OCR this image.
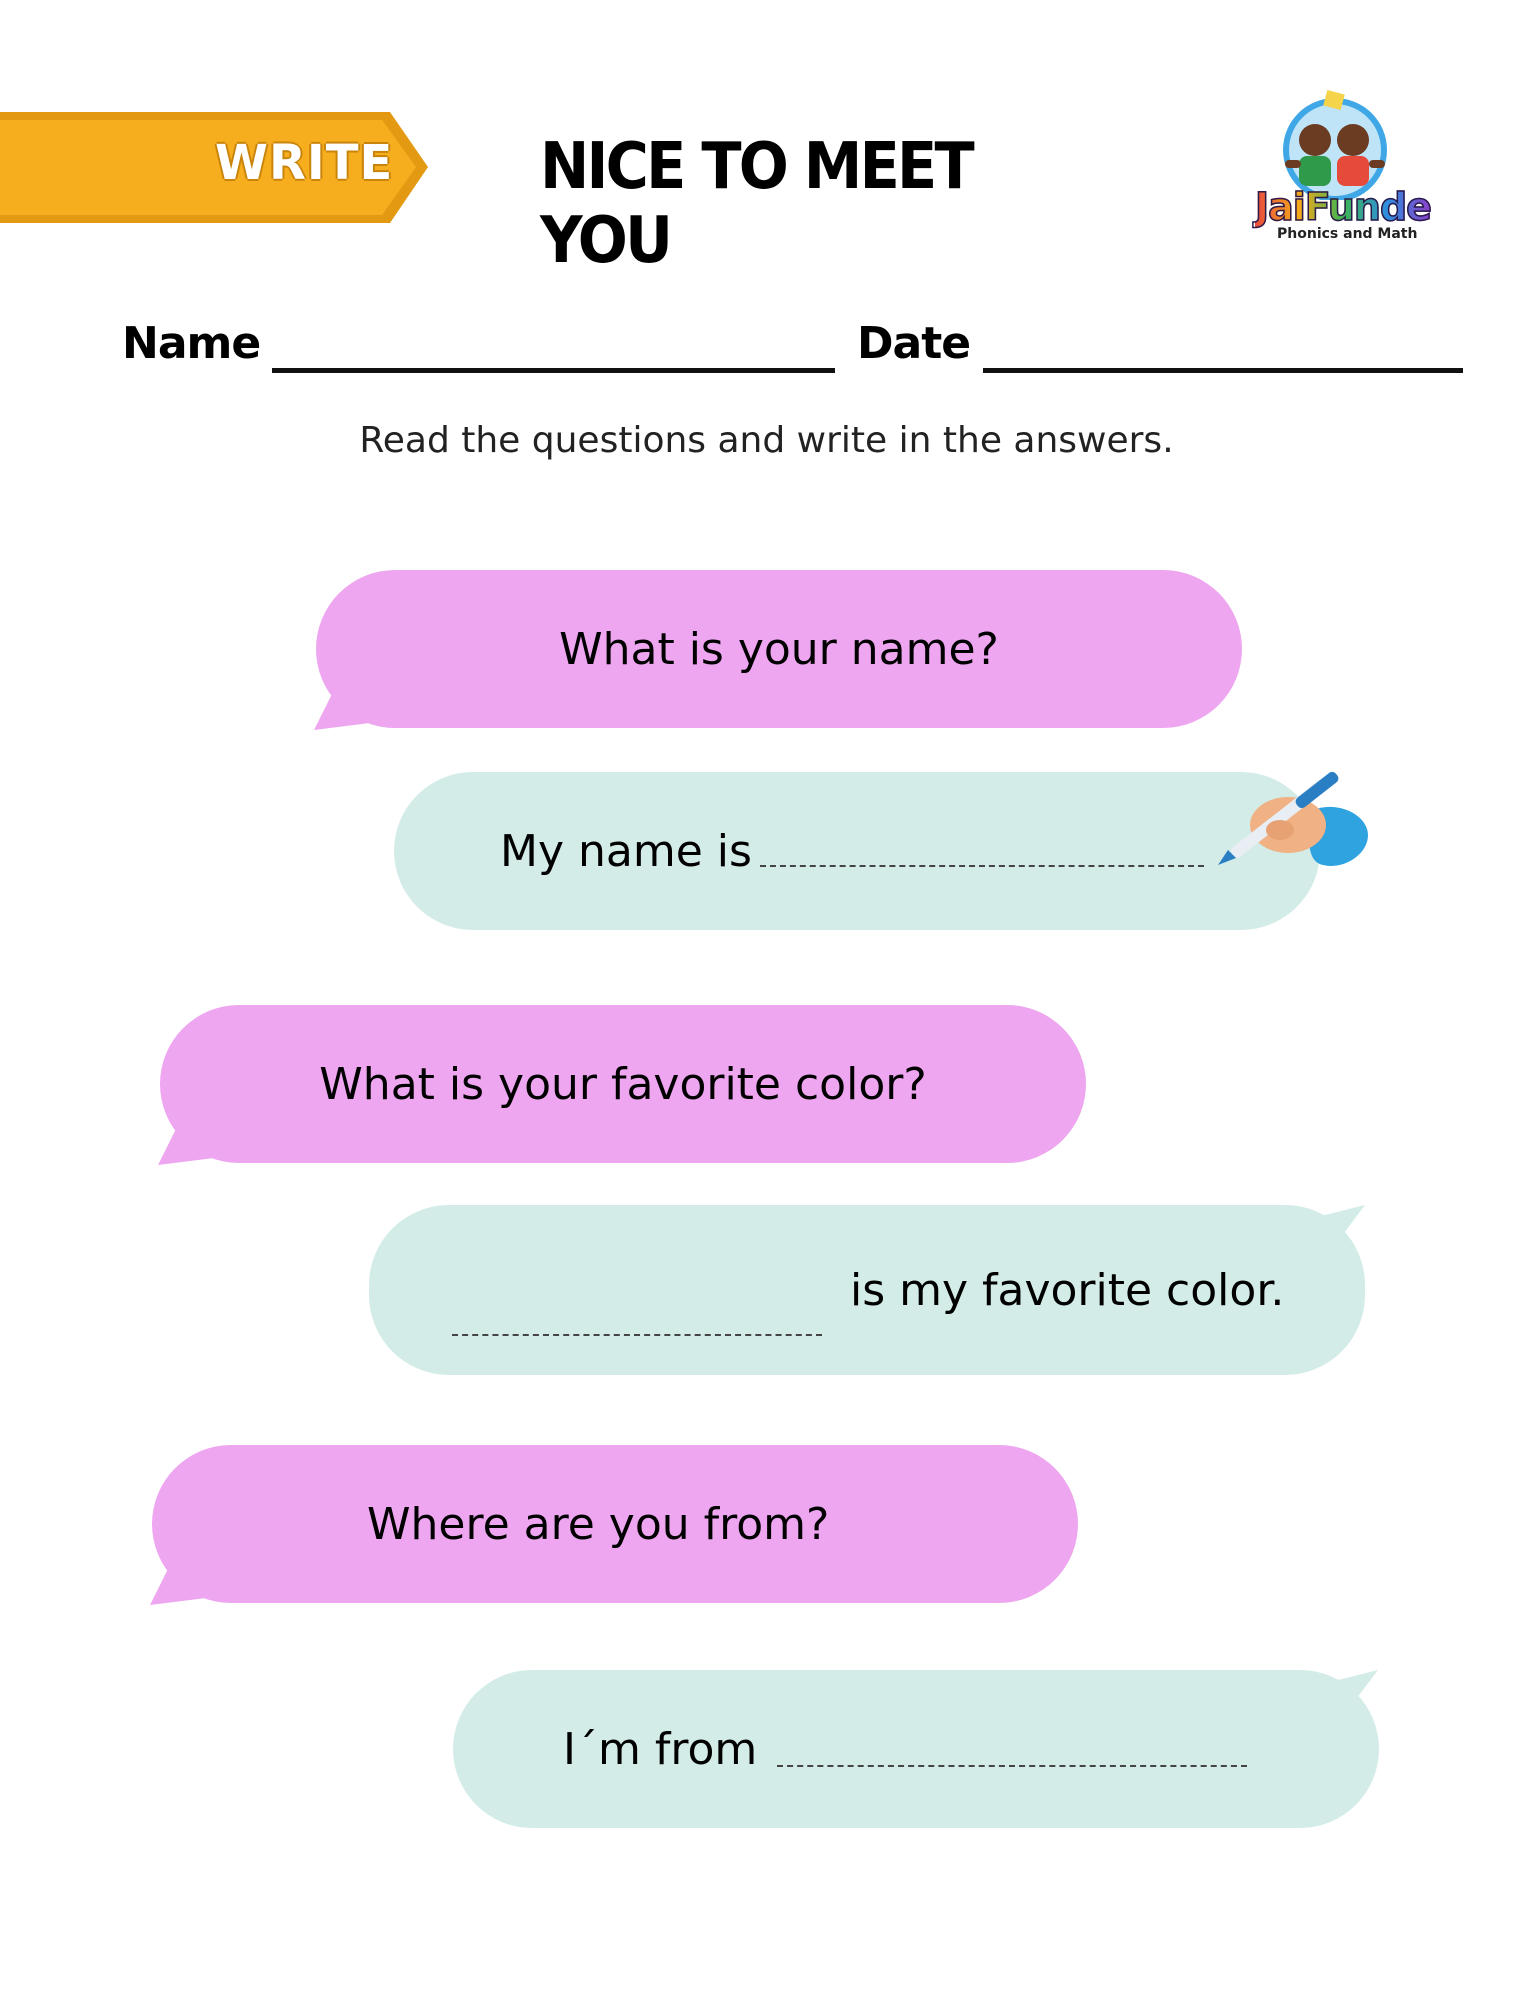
WRITE NICE TO MEET YOU	JaiFunde
Phonics and Math
Name	Date
Read the questions and write in the answers.
What is your name?
My name is
What is your favorite color?
is my favorite color.
Where are you from?
I´m from
